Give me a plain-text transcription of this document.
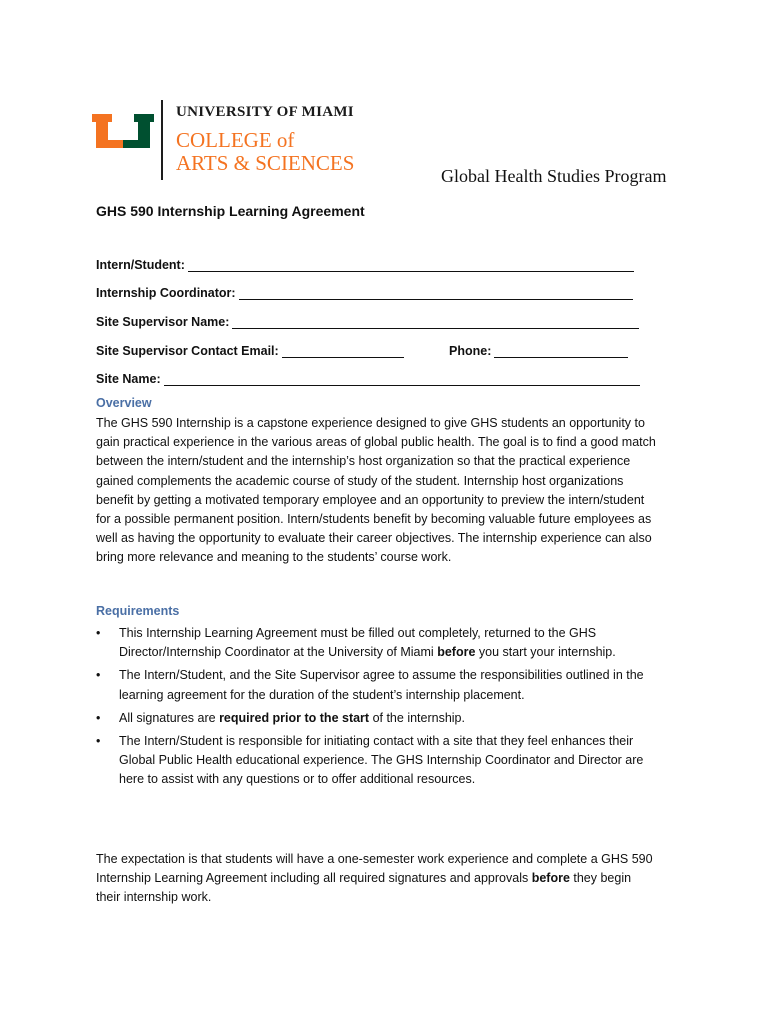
UNIVERSITY OF MIAMI
COLLEGE of
ARTS & SCIENCES
Global Health Studies Program
GHS 590 Internship Learning Agreement
Intern/Student:
Internship Coordinator:
Site Supervisor Name:
Site Supervisor Contact Email:	Phone:
Site Name:
Overview
The GHS 590 Internship is a capstone experience designed to give GHS students an opportunity to gain practical experience in the various areas of global public health. The goal is to find a good match between the intern/student and the internship’s host organization so that the practical experience gained complements the academic course of study of the student. Internship host organizations benefit by getting a motivated temporary employee and an opportunity to preview the intern/student for a possible permanent position. Intern/students benefit by becoming valuable future employees as well as having the opportunity to evaluate their career objectives. The internship experience can also bring more relevance and meaning to the students’ course work.
Requirements
• This Internship Learning Agreement must be filled out completely, returned to the GHS Director/Internship Coordinator at the University of Miami before you start your internship.
• The Intern/Student, and the Site Supervisor agree to assume the responsibilities outlined in the learning agreement for the duration of the student’s internship placement.
• All signatures are required prior to the start of the internship.
• The Intern/Student is responsible for initiating contact with a site that they feel enhances their Global Public Health educational experience. The GHS Internship Coordinator and Director are here to assist with any questions or to offer additional resources.
The expectation is that students will have a one-semester work experience and complete a GHS 590 Internship Learning Agreement including all required signatures and approvals before they begin their internship work.
